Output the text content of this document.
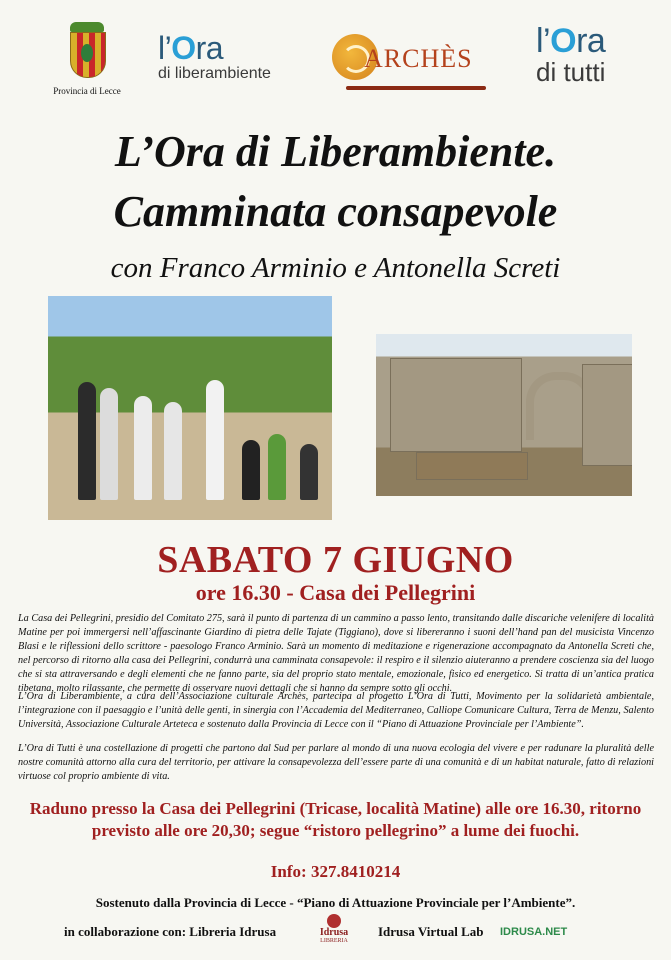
Provincia di Lecce
l’Ora
di liberambiente
ARCHÈS l’Ora
di tutti
L’Ora di Liberambiente.
Camminata consapevole
con Franco Arminio e Antonella Screti
SABATO 7 GIUGNO
ore 16.30 - Casa dei Pellegrini
La Casa dei Pellegrini, presidio del Comitato 275, sarà il punto di partenza di un cammino a passo lento, transitando dalle discariche velenifere di località Matine per poi immergersi nell’affascinante Giardino di pietra delle Tajate (Tiggiano), dove si libereranno i suoni dell’hand pan del musicista Vincenzo Blasi e le riflessioni dello scrittore - paesologo Franco Arminio. Sarà un momento di meditazione e rigenerazione accompagnato da Antonella Screti che, nel percorso di ritorno alla casa dei Pellegrini, condurrà una camminata consapevole: il respiro e il silenzio aiuteranno a prendere coscienza sia del luogo che si sta attraversando e degli elementi che ne fanno parte, sia del proprio stato mentale, emozionale, fisico ed energetico. Si tratta di un’antica pratica tibetana, molto rilassante, che permette di osservare nuovi dettagli che si hanno da sempre sotto gli occhi.
L’Ora di Liberambiente, a cura dell’Associazione culturale Archès, partecipa al progetto L’Ora di Tutti, Movimento per la solidarietà ambientale, l’integrazione con il paesaggio e l’unità delle genti, in sinergia con l’Accademia del Mediterraneo, Calliope Comunicare Cultura, Terra de Menzu, Salento Università, Associazione Culturale Arteteca e sostenuto dalla Provincia di Lecce con il “Piano di Attuazione Provinciale per l’Ambiente”.
L’Ora di Tutti è una costellazione di progetti che partono dal Sud per parlare al mondo di una nuova ecologia del vivere e per radunare la pluralità delle nostre comunità attorno alla cura del territorio, per attivare la consapevolezza dell’essere parte di una comunità e di un habitat naturale, fatto di relazioni virtuose col proprio ambiente di vita.
Raduno presso la Casa dei Pellegrini (Tricase, località Matine) alle ore 16.30, ritorno
previsto alle ore 20,30; segue “ristoro pellegrino” a lume dei fuochi.
Info: 327.8410214
Sostenuto dalla Provincia di Lecce - “Piano di Attuazione Provinciale per l’Ambiente”.
in collaborazione con: Libreria Idrusa	Idrusa
LIBRERIA
Idrusa Virtual Lab IDRUSA.NET
